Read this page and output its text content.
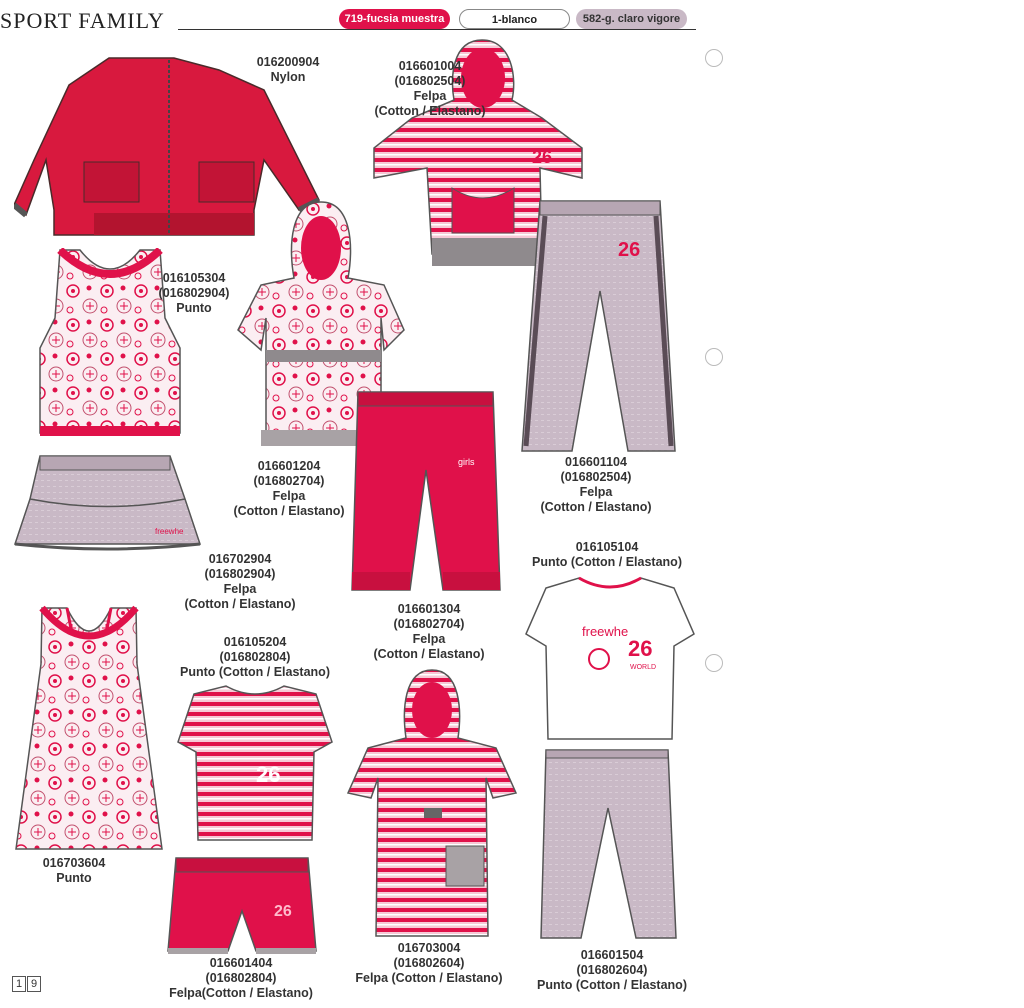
SPORT FAMILY	719-fucsia muestra	1-blanco	582-g. claro vigore
016200904
Nylon
26
016601004
(016802504)
Felpa
(Cotton / Elastano)
26
016601104
(016802504)
Felpa
(Cotton / Elastano)
016105304
(016802904)
Punto
016601204
(016802704)
Felpa
(Cotton / Elastano)
freewhe
016702904
(016802904)
Felpa
(Cotton / Elastano)
girls
016601304
(016802704)
Felpa
(Cotton / Elastano)
016105104
Punto (Cotton / Elastano)
freewhe
26
WORLD
016601504
(016802604)
Punto (Cotton / Elastano)
016703604
Punto
016105204
(016802804)
Punto (Cotton / Elastano)
26
016703004
(016802604)
Felpa (Cotton / Elastano)
26
016601404
(016802804)
Felpa(Cotton / Elastano)
1 9
